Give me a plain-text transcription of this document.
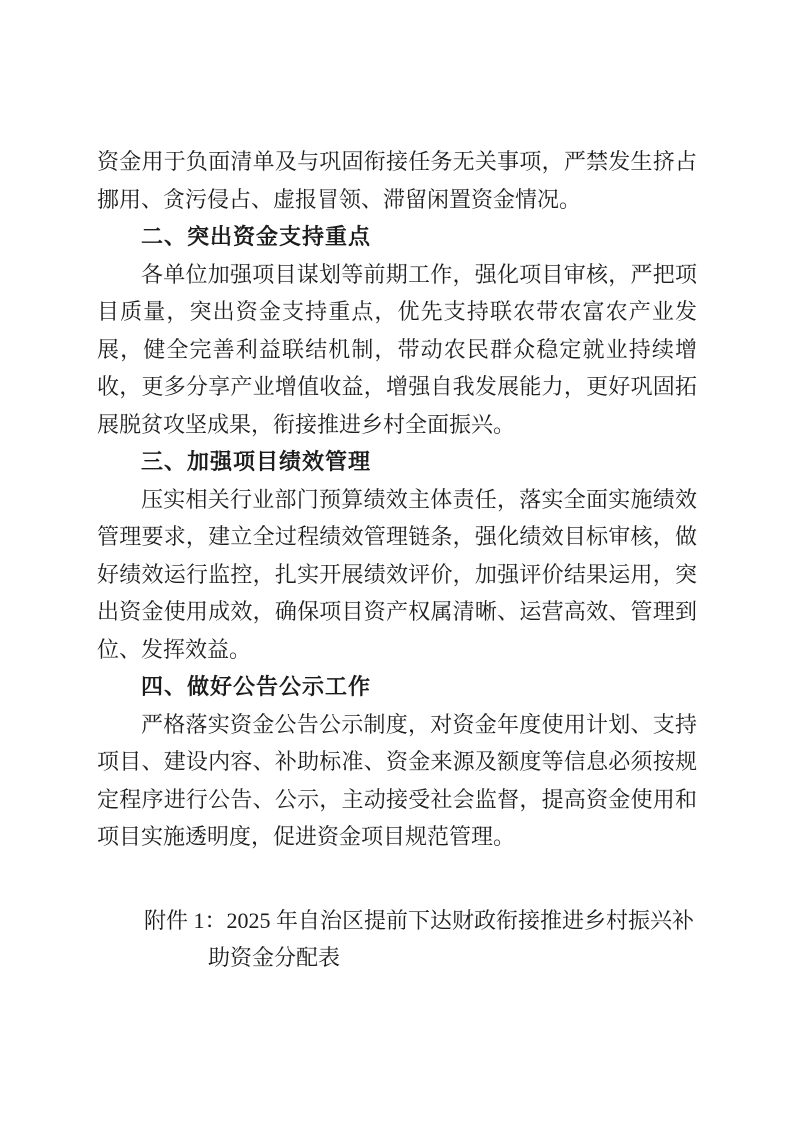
资金用于负面清单及与巩固衔接任务无关事项，严禁发生挤占挪用、贪污侵占、虚报冒领、滞留闲置资金情况。

二、突出资金支持重点

各单位加强项目谋划等前期工作，强化项目审核，严把项目质量，突出资金支持重点，优先支持联农带农富农产业发展，健全完善利益联结机制，带动农民群众稳定就业持续增收，更多分享产业增值收益，增强自我发展能力，更好巩固拓展脱贫攻坚成果，衔接推进乡村全面振兴。

三、加强项目绩效管理

压实相关行业部门预算绩效主体责任，落实全面实施绩效管理要求，建立全过程绩效管理链条，强化绩效目标审核，做好绩效运行监控，扎实开展绩效评价，加强评价结果运用，突出资金使用成效，确保项目资产权属清晰、运营高效、管理到位、发挥效益。

四、做好公告公示工作

严格落实资金公告公示制度，对资金年度使用计划、支持项目、建设内容、补助标准、资金来源及额度等信息必须按规定程序进行公告、公示，主动接受社会监督，提高资金使用和项目实施透明度，促进资金项目规范管理。

附件 1：2025 年自治区提前下达财政衔接推进乡村振兴补助资金分配表
